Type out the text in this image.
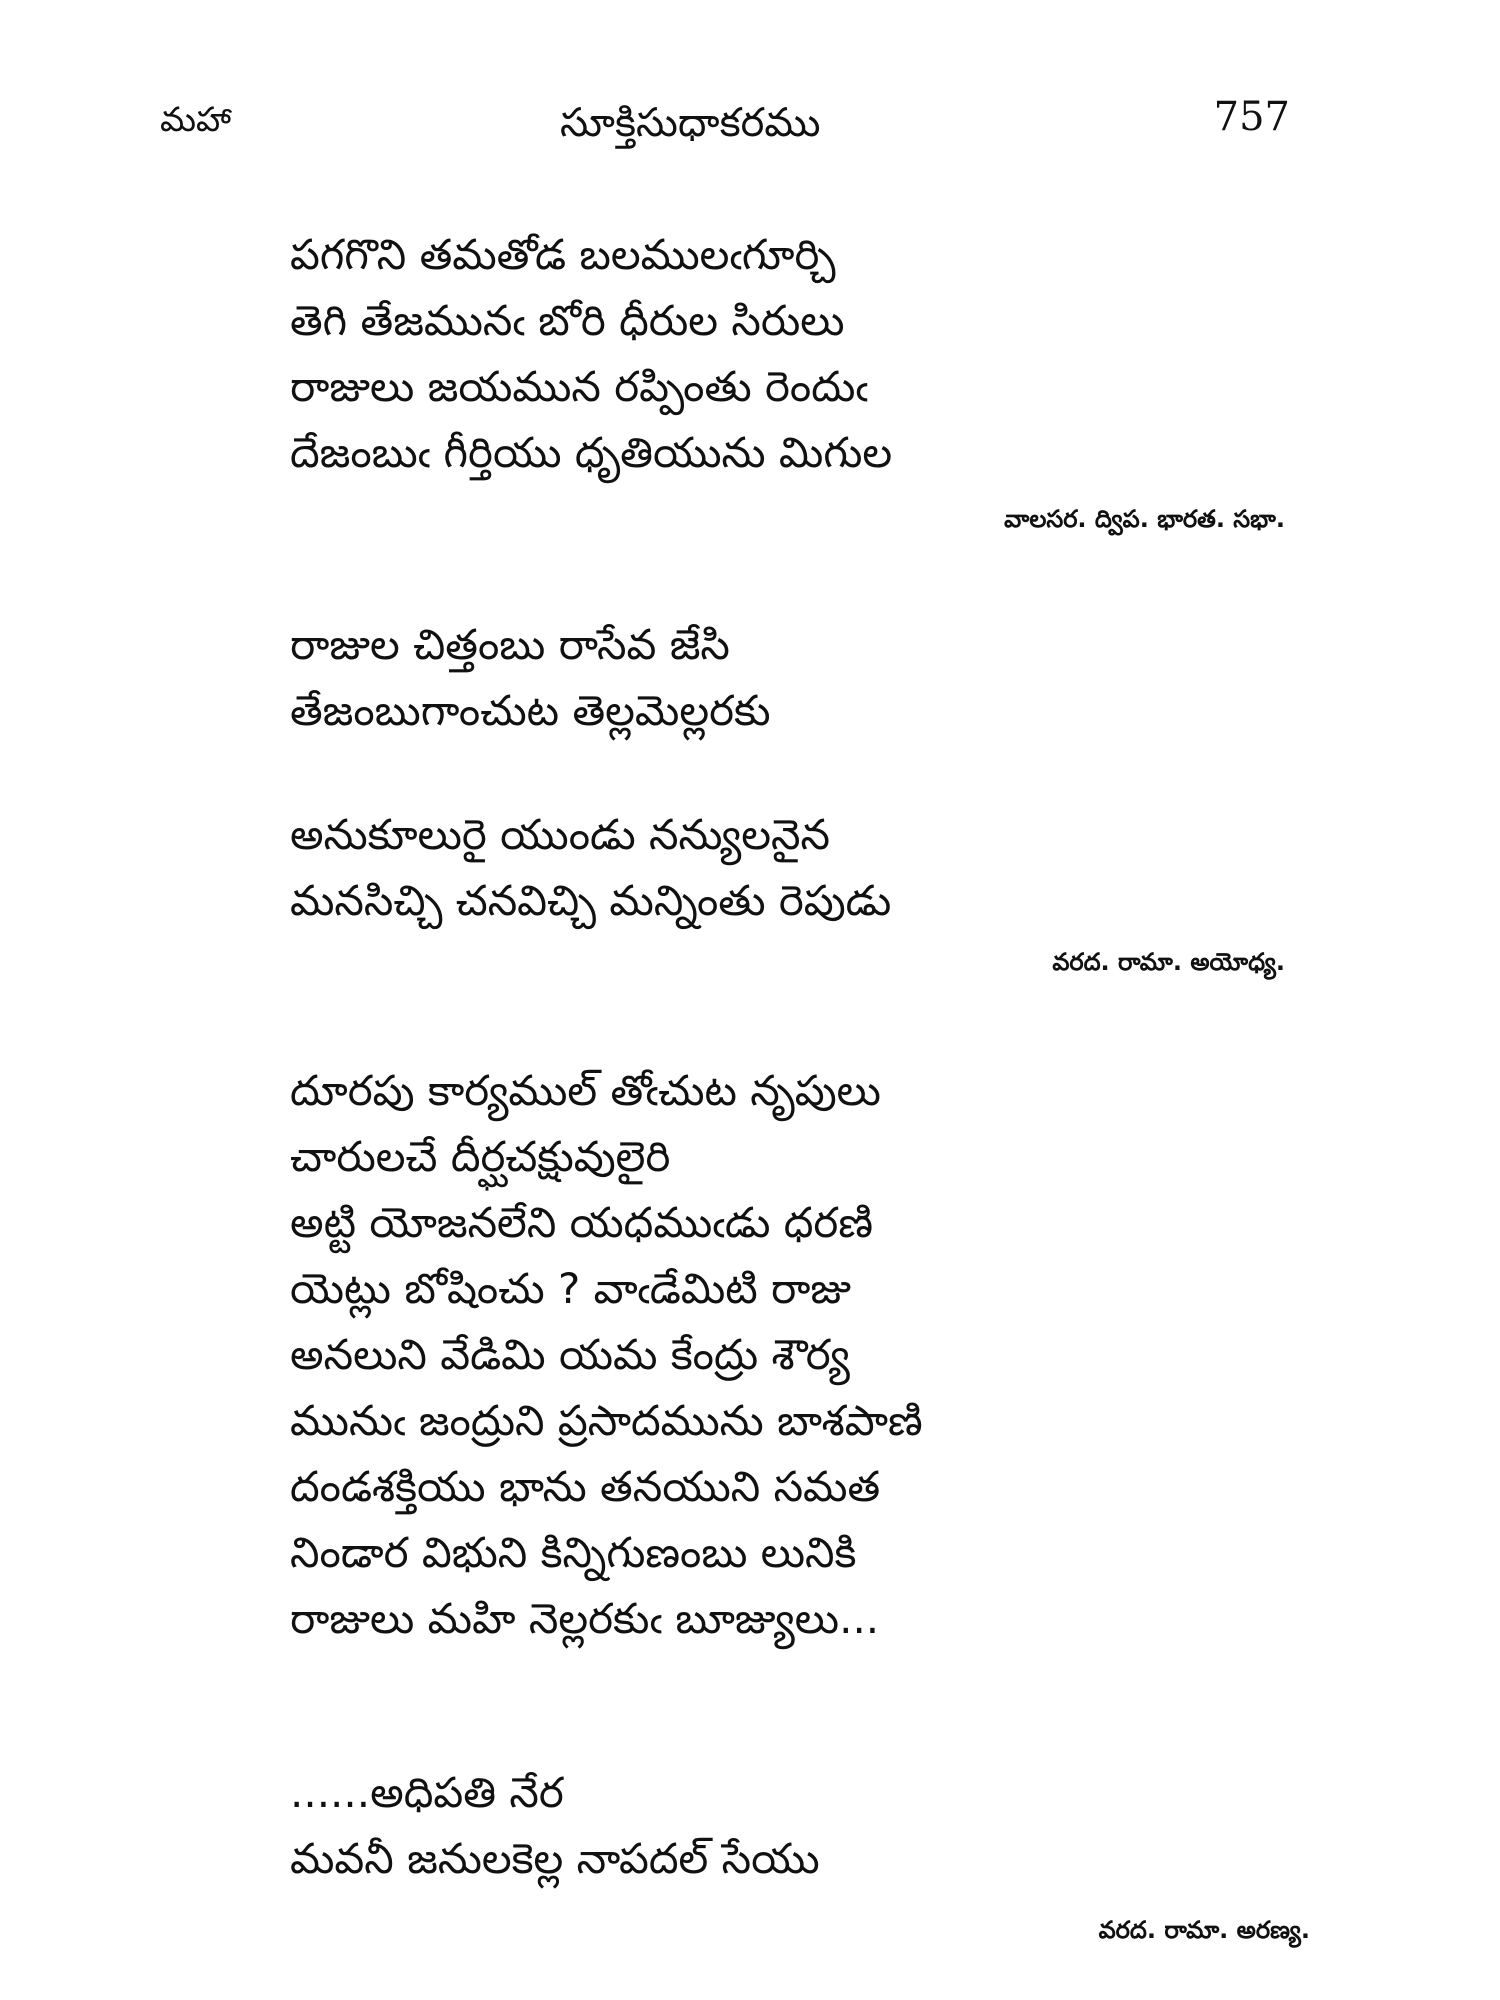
మహా	సూక్తిసుధాకరము	757
పగగొని తమతోడ బలములఁగూర్చి
తెగి తేజమునఁ బోరి ధీరుల సిరులు
రాజులు జయమున రప్పింతు రెందుఁ
దేజంబుఁ గీర్తియు ధృతియును మిగుల
వాలసర. ద్విప. భారత. సభా.
రాజుల చిత్తంబు రాసేవ జేసి
తేజంబుగాంచుట తెల్లమెల్లరకు
అనుకూలురై యుండు నన్యులనైన
మనసిచ్చి చనవిచ్చి మన్నింతు రెపుడు
వరద. రామా. అయోధ్య.
దూరపు కార్యముల్ తోఁచుట నృపులు
చారులచే దీర్ఘచక్షువులైరి
అట్టి యోజనలేని యధముఁడు ధరణి
యెట్లు బోషించు ? వాఁడేమిటి రాజు
అనలుని వేడిమి యమ కేంద్రు శౌర్య
మునుఁ జంద్రుని ప్రసాదమును బాశపాణి
దండశక్తియు భాను తనయుని సమత
నిండార విభుని కిన్నిగుణంబు లునికి
రాజులు మహి నెల్లరకుఁ బూజ్యులు...
......అధిపతి నేర
మవనీ జనులకెల్ల నాపదల్ సేయు
వరద. రామా. అరణ్య.
